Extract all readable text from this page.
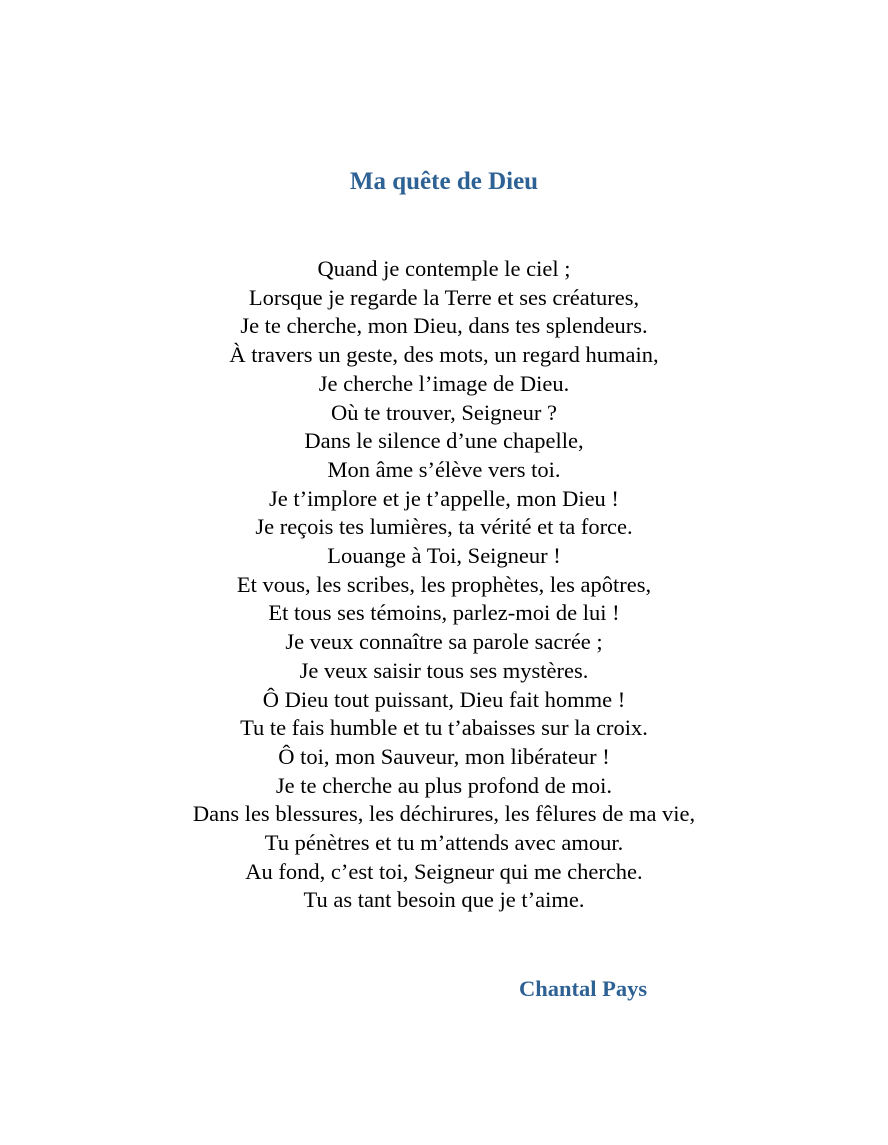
Ma quête de Dieu
Quand je contemple le ciel ;
Lorsque je regarde la Terre et ses créatures,
Je te cherche, mon Dieu, dans tes splendeurs.
À travers un geste, des mots, un regard humain,
Je cherche l’image de Dieu.
Où te trouver, Seigneur ?
Dans le silence d’une chapelle,
Mon âme s’élève vers toi.
Je t’implore et je t’appelle, mon Dieu !
Je reçois tes lumières, ta vérité et ta force.
Louange à Toi, Seigneur !
Et vous, les scribes, les prophètes, les apôtres,
Et tous ses témoins, parlez-moi de lui !
Je veux connaître sa parole sacrée ;
Je veux saisir tous ses mystères.
Ô Dieu tout puissant, Dieu fait homme !
Tu te fais humble et tu t’abaisses sur la croix.
Ô toi, mon Sauveur, mon libérateur !
Je te cherche au plus profond de moi.
Dans les blessures, les déchirures, les fêlures de ma vie,
Tu pénètres et tu m’attends avec amour.
Au fond, c’est toi, Seigneur qui me cherche.
Tu as tant besoin que je t’aime.

Chantal Pays
